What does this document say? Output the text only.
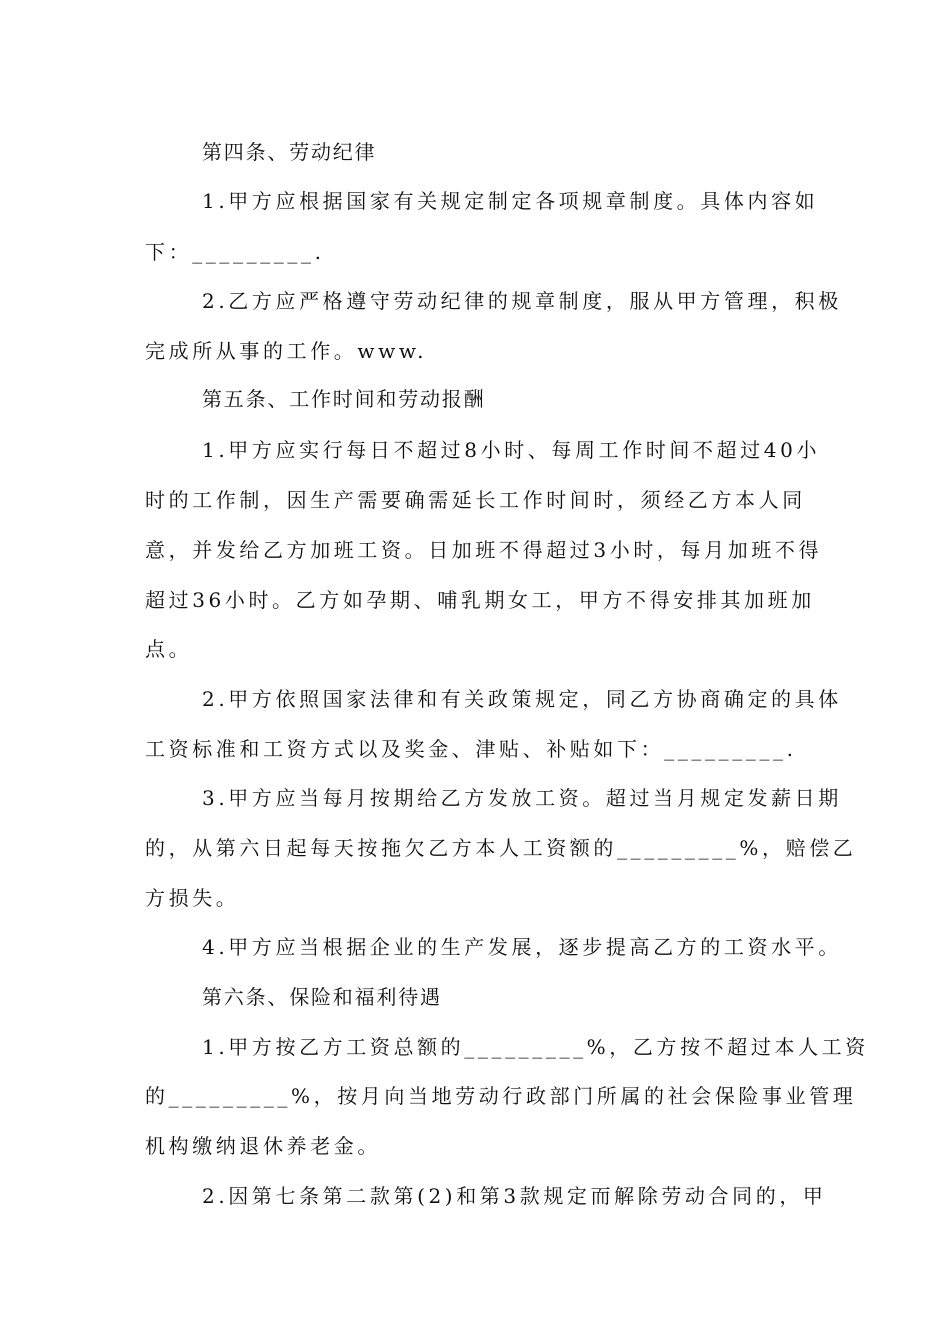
第四条、劳动纪律
1.甲方应根据国家有关规定制定各项规章制度。具体内容如
下：_________.
2.乙方应严格遵守劳动纪律的规章制度，服从甲方管理，积极
完成所从事的工作。www.
第五条、工作时间和劳动报酬
1.甲方应实行每日不超过8小时、每周工作时间不超过40小
时的工作制，因生产需要确需延长工作时间时，须经乙方本人同
意，并发给乙方加班工资。日加班不得超过3小时，每月加班不得
超过36小时。乙方如孕期、哺乳期女工，甲方不得安排其加班加
点。
2.甲方依照国家法律和有关政策规定，同乙方协商确定的具体
工资标准和工资方式以及奖金、津贴、补贴如下：_________.
3.甲方应当每月按期给乙方发放工资。超过当月规定发薪日期
的，从第六日起每天按拖欠乙方本人工资额的_________%，赔偿乙
方损失。
4.甲方应当根据企业的生产发展，逐步提高乙方的工资水平。
第六条、保险和福利待遇
1.甲方按乙方工资总额的_________%，乙方按不超过本人工资
的_________%，按月向当地劳动行政部门所属的社会保险事业管理
机构缴纳退休养老金。
2.因第七条第二款第(2)和第3款规定而解除劳动合同的，甲
